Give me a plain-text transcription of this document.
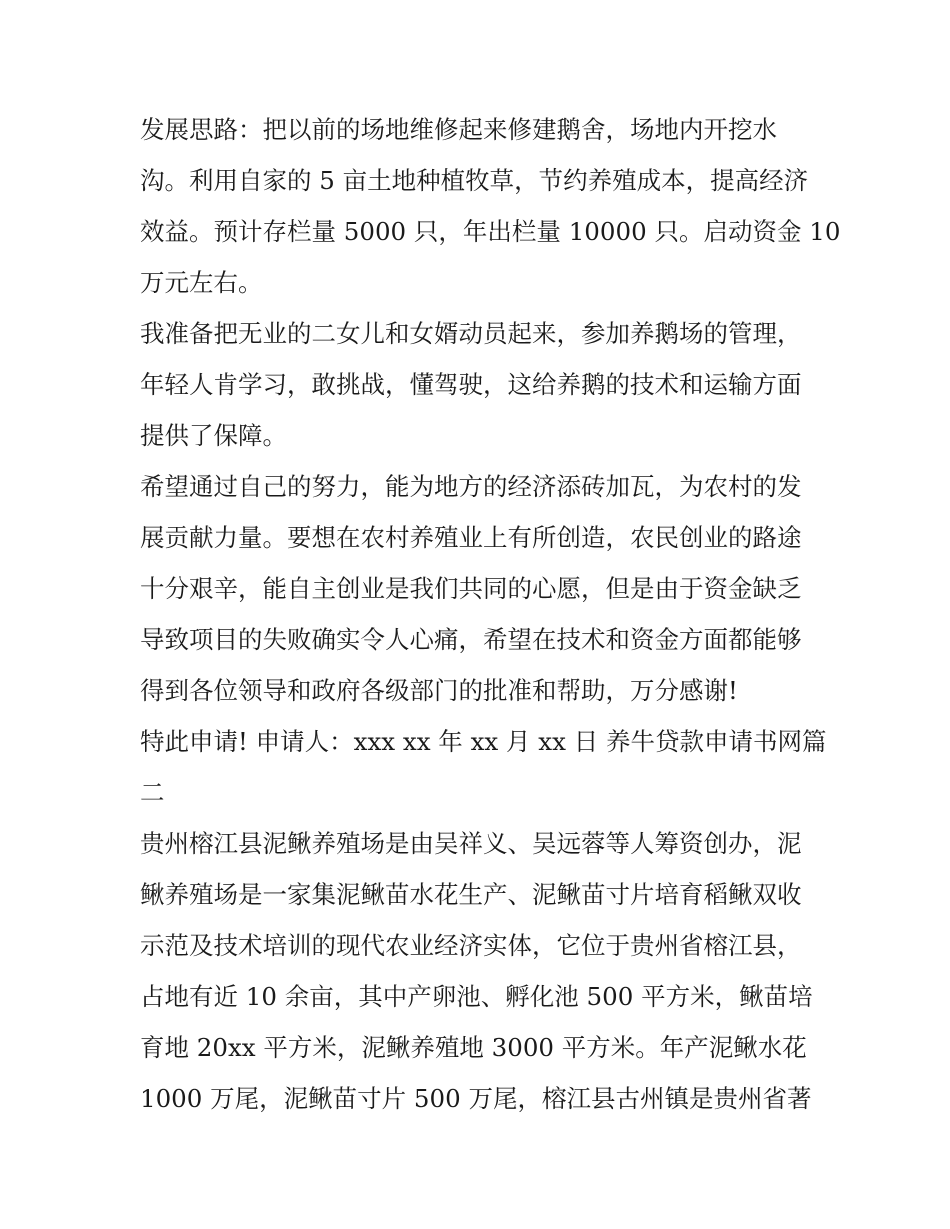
发展思路：把以前的场地维修起来修建鹅舍，场地内开挖水
沟。利用自家的 5 亩土地种植牧草，节约养殖成本，提高经济
效益。预计存栏量 5000 只，年出栏量 10000 只。启动资金 10
万元左右。
我准备把无业的二女儿和女婿动员起来，参加养鹅场的管理，
年轻人肯学习，敢挑战，懂驾驶，这给养鹅的技术和运输方面
提供了保障。
希望通过自己的努力，能为地方的经济添砖加瓦，为农村的发
展贡献力量。要想在农村养殖业上有所创造，农民创业的路途
十分艰辛，能自主创业是我们共同的心愿，但是由于资金缺乏
导致项目的失败确实令人心痛，希望在技术和资金方面都能够
得到各位领导和政府各级部门的批准和帮助，万分感谢!
特此申请! 申请人：xxx xx 年 xx 月 xx 日 养牛贷款申请书网篇
二
贵州榕江县泥鳅养殖场是由吴祥义、吴远蓉等人筹资创办，泥
鳅养殖场是一家集泥鳅苗水花生产、泥鳅苗寸片培育稻鳅双收
示范及技术培训的现代农业经济实体，它位于贵州省榕江县，
占地有近 10 余亩，其中产卵池、孵化池 500 平方米，鳅苗培
育地 20xx 平方米，泥鳅养殖地 3000 平方米。年产泥鳅水花
1000 万尾，泥鳅苗寸片 500 万尾，榕江县古州镇是贵州省著
